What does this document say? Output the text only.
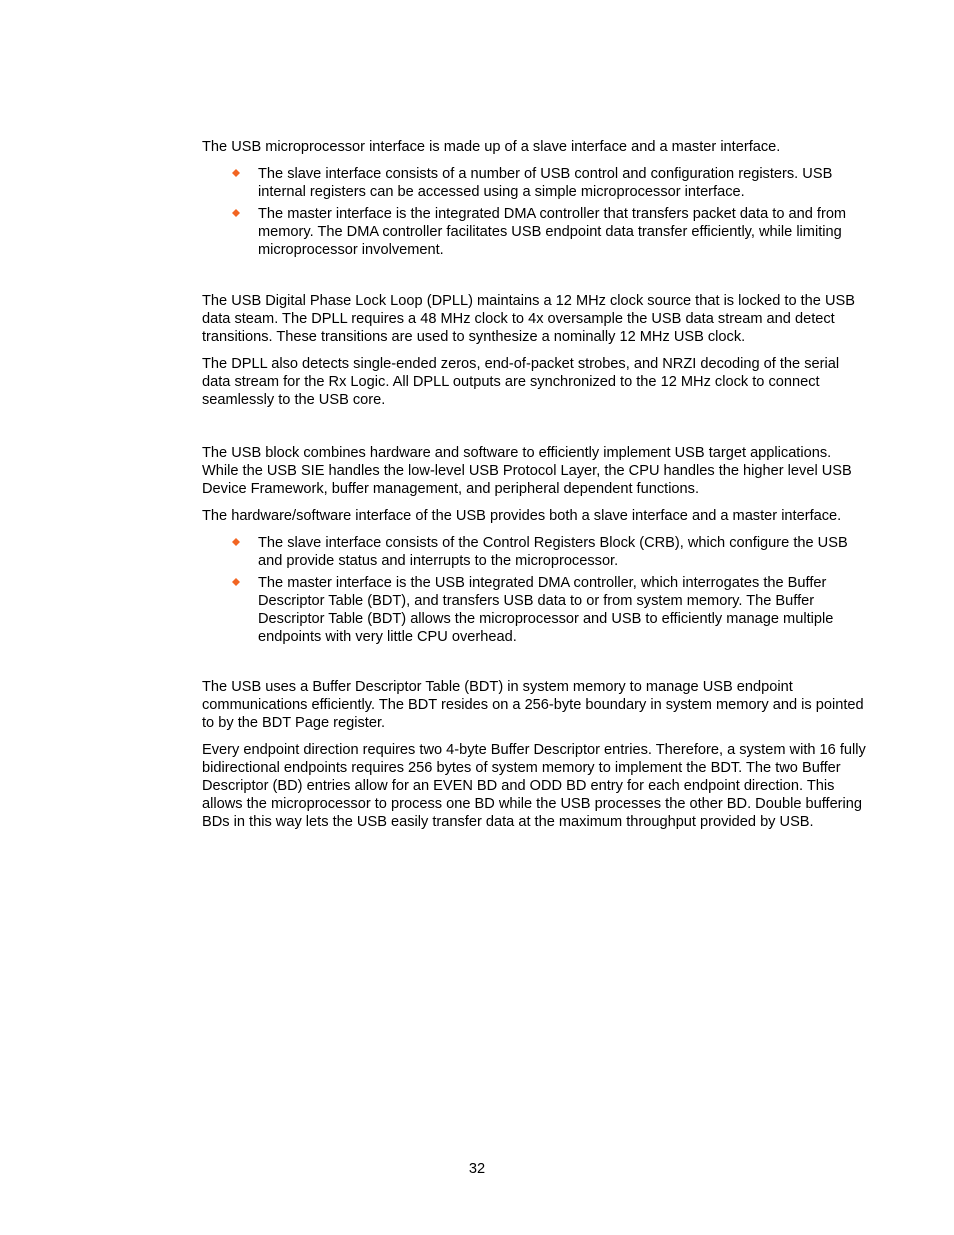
The USB microprocessor interface is made up of a slave interface and a master interface.

The slave interface consists of a number of USB control and configuration registers. USB internal registers can be accessed using a simple microprocessor interface.
The master interface is the integrated DMA controller that transfers packet data to and from memory. The DMA controller facilitates USB endpoint data transfer efficiently, while limiting microprocessor involvement.

The USB Digital Phase Lock Loop (DPLL) maintains a 12 MHz clock source that is locked to the USB data steam. The DPLL requires a 48 MHz clock to 4x oversample the USB data stream and detect transitions. These transitions are used to synthesize a nominally 12 MHz USB clock.

The DPLL also detects single-ended zeros, end-of-packet strobes, and NRZI decoding of the serial data stream for the Rx Logic. All DPLL outputs are synchronized to the 12 MHz clock to connect seamlessly to the USB core.

The USB block combines hardware and software to efficiently implement USB target applications. While the USB SIE handles the low-level USB Protocol Layer, the CPU handles the higher level USB Device Framework, buffer management, and peripheral dependent functions.

The hardware/software interface of the USB provides both a slave interface and a master interface.

The slave interface consists of the Control Registers Block (CRB), which configure the USB and provide status and interrupts to the microprocessor.
The master interface is the USB integrated DMA controller, which interrogates the Buffer Descriptor Table (BDT), and transfers USB data to or from system memory. The Buffer Descriptor Table (BDT) allows the microprocessor and USB to efficiently manage multiple endpoints with very little CPU overhead.

The USB uses a Buffer Descriptor Table (BDT) in system memory to manage USB endpoint communications efficiently. The BDT resides on a 256-byte boundary in system memory and is pointed to by the BDT Page register.

Every endpoint direction requires two 4-byte Buffer Descriptor entries. Therefore, a system with 16 fully bidirectional endpoints requires 256 bytes of system memory to implement the BDT. The two Buffer Descriptor (BD) entries allow for an EVEN BD and ODD BD entry for each endpoint direction. This allows the microprocessor to process one BD while the USB processes the other BD. Double buffering BDs in this way lets the USB easily transfer data at the maximum throughput provided by USB.

32
